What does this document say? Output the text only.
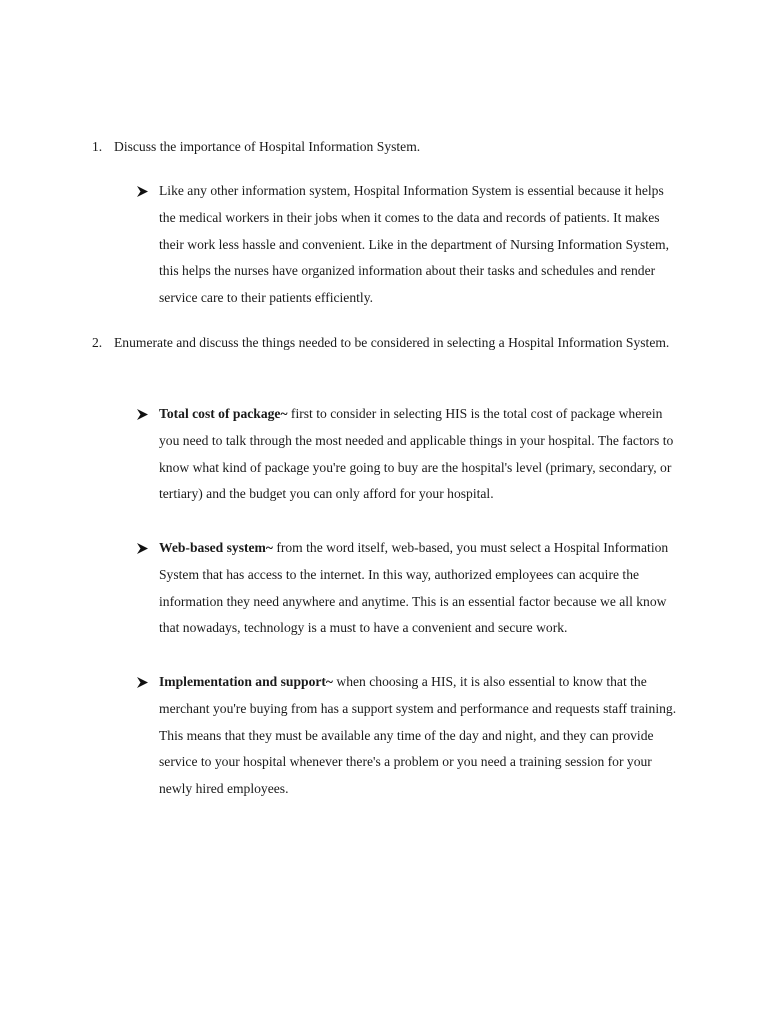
1. Discuss the importance of Hospital Information System.
Like any other information system, Hospital Information System is essential because it helps the medical workers in their jobs when it comes to the data and records of patients. It makes their work less hassle and convenient. Like in the department of Nursing Information System, this helps the nurses have organized information about their tasks and schedules and render service care to their patients efficiently.
2. Enumerate and discuss the things needed to be considered in selecting a Hospital Information System.
Total cost of package~ first to consider in selecting HIS is the total cost of package wherein you need to talk through the most needed and applicable things in your hospital. The factors to know what kind of package you're going to buy are the hospital's level (primary, secondary, or tertiary) and the budget you can only afford for your hospital.
Web-based system~ from the word itself, web-based, you must select a Hospital Information System that has access to the internet. In this way, authorized employees can acquire the information they need anywhere and anytime. This is an essential factor because we all know that nowadays, technology is a must to have a convenient and secure work.
Implementation and support~ when choosing a HIS, it is also essential to know that the merchant you're buying from has a support system and performance and requests staff training. This means that they must be available any time of the day and night, and they can provide service to your hospital whenever there's a problem or you need a training session for your newly hired employees.
